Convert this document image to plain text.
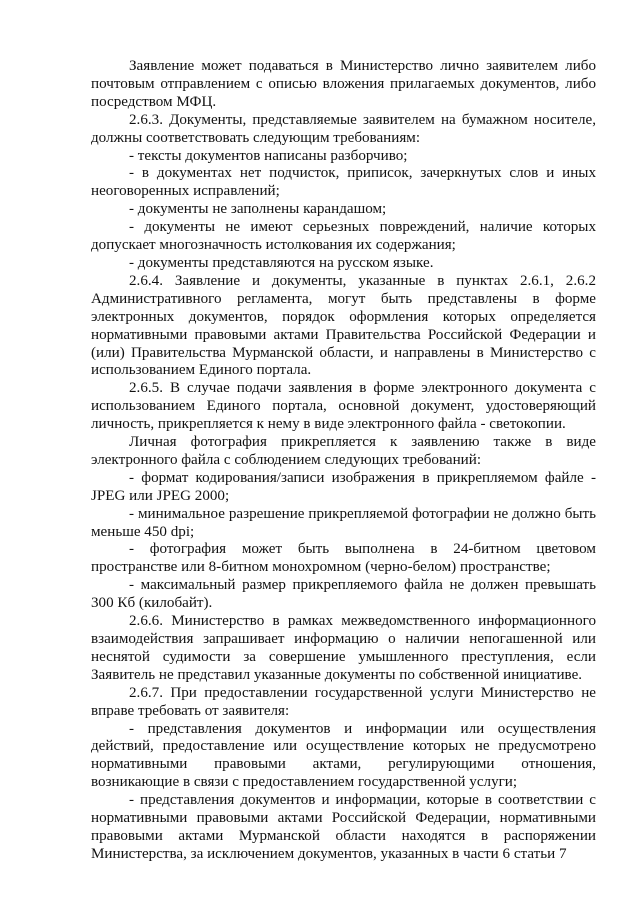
Заявление может подаваться в Министерство лично заявителем либо почтовым отправлением с описью вложения прилагаемых документов, либо посредством МФЦ.

2.6.3. Документы, представляемые заявителем на бумажном носителе, должны соответствовать следующим требованиям:

- тексты документов написаны разборчиво;

- в документах нет подчисток, приписок, зачеркнутых слов и иных неоговоренных исправлений;

- документы не заполнены карандашом;

- документы не имеют серьезных повреждений, наличие которых допускает многозначность истолкования их содержания;

- документы представляются на русском языке.

2.6.4. Заявление и документы, указанные в пунктах 2.6.1, 2.6.2 Административного регламента, могут быть представлены в форме электронных документов, порядок оформления которых определяется нормативными правовыми актами Правительства Российской Федерации и (или) Правительства Мурманской области, и направлены в Министерство с использованием Единого портала.

2.6.5. В случае подачи заявления в форме электронного документа с использованием Единого портала, основной документ, удостоверяющий личность, прикрепляется к нему в виде электронного файла - светокопии.

Личная фотография прикрепляется к заявлению также в виде электронного файла с соблюдением следующих требований:

- формат кодирования/записи изображения в прикрепляемом файле - JPEG или JPEG 2000;

- минимальное разрешение прикрепляемой фотографии не должно быть меньше 450 dpi;

- фотография может быть выполнена в 24-битном цветовом пространстве или 8-битном монохромном (черно-белом) пространстве;

- максимальный размер прикрепляемого файла не должен превышать 300 Кб (килобайт).

2.6.6. Министерство в рамках межведомственного информационного взаимодействия запрашивает информацию о наличии непогашенной или неснятой судимости за совершение умышленного преступления, если Заявитель не представил указанные документы по собственной инициативе.

2.6.7. При предоставлении государственной услуги Министерство не вправе требовать от заявителя:

- представления документов и информации или осуществления действий, предоставление или осуществление которых не предусмотрено нормативными правовыми актами, регулирующими отношения, возникающие в связи с предоставлением государственной услуги;

- представления документов и информации, которые в соответствии с нормативными правовыми актами Российской Федерации, нормативными правовыми актами Мурманской области находятся в распоряжении Министерства, за исключением документов, указанных в части 6 статьи 7
